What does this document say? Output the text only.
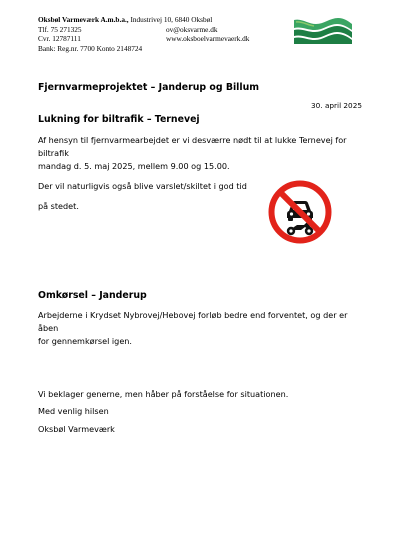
Oksbøl Varmeværk A.m.b.a., Industrivej 10, 6840 Oksbøl
Tlf. 75 271325	ov@oksvarme.dk
Cvr. 12787111	www.oksboelvarmevaerk.dk
Bank: Reg.nr. 7700 Konto 2148724
Fjernvarmeprojektet – Janderup og Billum
30. april 2025
Lukning for biltrafik – Ternevej
Af hensyn til fjernvarmearbejdet er vi desværre nødt til at lukke Ternevej for biltrafik
mandag d. 5. maj 2025, mellem 9.00 og 15.00.
Der vil naturligvis også blive varslet/skiltet i god tid
på stedet.
Omkørsel – Janderup
Arbejderne i Krydset Nybrovej/Hebovej forløb bedre end forventet, og der er åben
for gennemkørsel igen.
Vi beklager generne, men håber på forståelse for situationen.
Med venlig hilsen
Oksbøl Varmeværk
